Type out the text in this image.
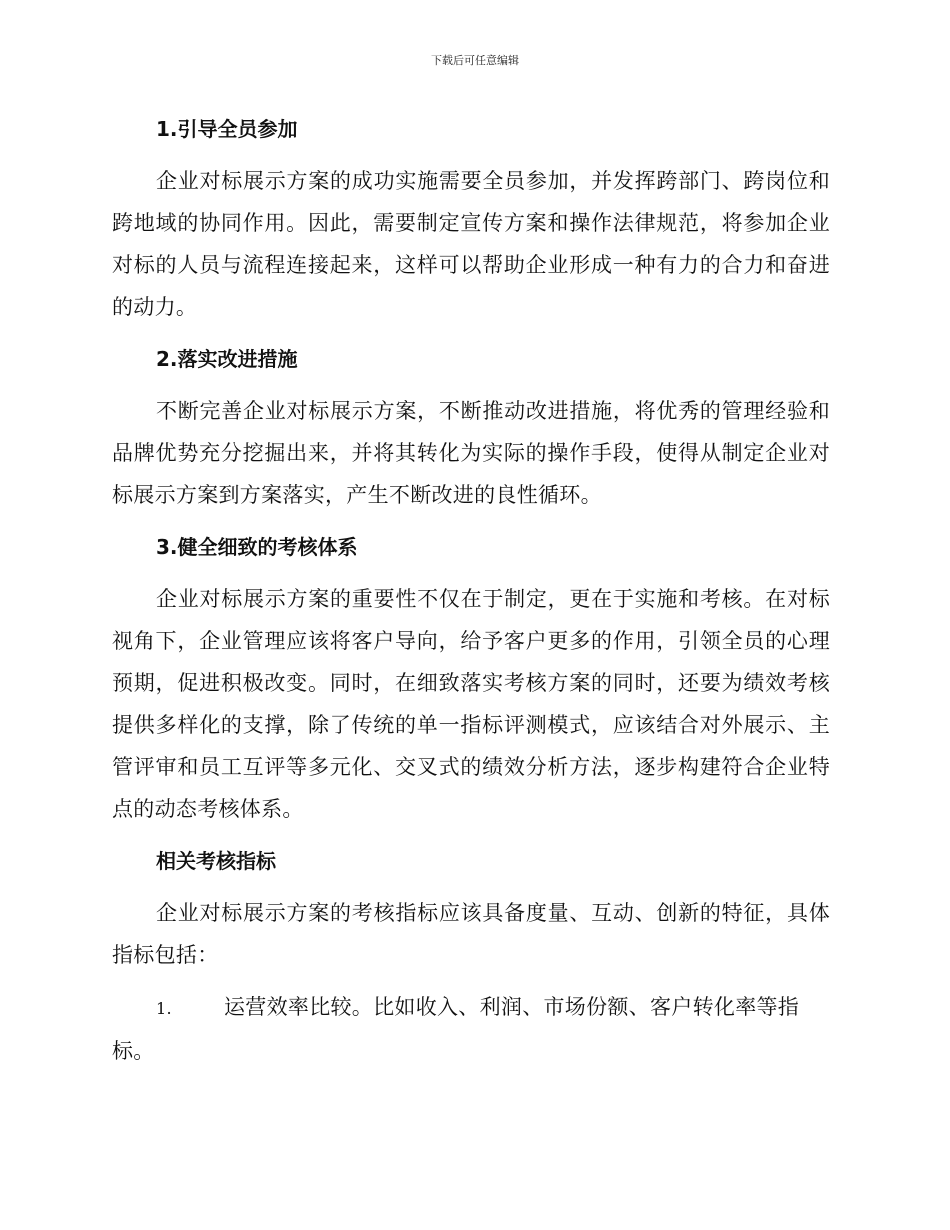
下载后可任意编辑
1.引导全员参加

企业对标展示方案的成功实施需要全员参加，并发挥跨部门、跨岗位和跨地域的协同作用。因此，需要制定宣传方案和操作法律规范，将参加企业对标的人员与流程连接起来，这样可以帮助企业形成一种有力的合力和奋进的动力。

2.落实改进措施

不断完善企业对标展示方案，不断推动改进措施，将优秀的管理经验和品牌优势充分挖掘出来，并将其转化为实际的操作手段，使得从制定企业对标展示方案到方案落实，产生不断改进的良性循环。

3.健全细致的考核体系

企业对标展示方案的重要性不仅在于制定，更在于实施和考核。在对标视角下，企业管理应该将客户导向，给予客户更多的作用，引领全员的心理预期，促进积极改变。同时，在细致落实考核方案的同时，还要为绩效考核提供多样化的支撑，除了传统的单一指标评测模式，应该结合对外展示、主管评审和员工互评等多元化、交叉式的绩效分析方法，逐步构建符合企业特点的动态考核体系。

相关考核指标

企业对标展示方案的考核指标应该具备度量、互动、创新的特征，具体指标包括：

1. 运营效率比较。比如收入、利润、市场份额、客户转化率等指标。
